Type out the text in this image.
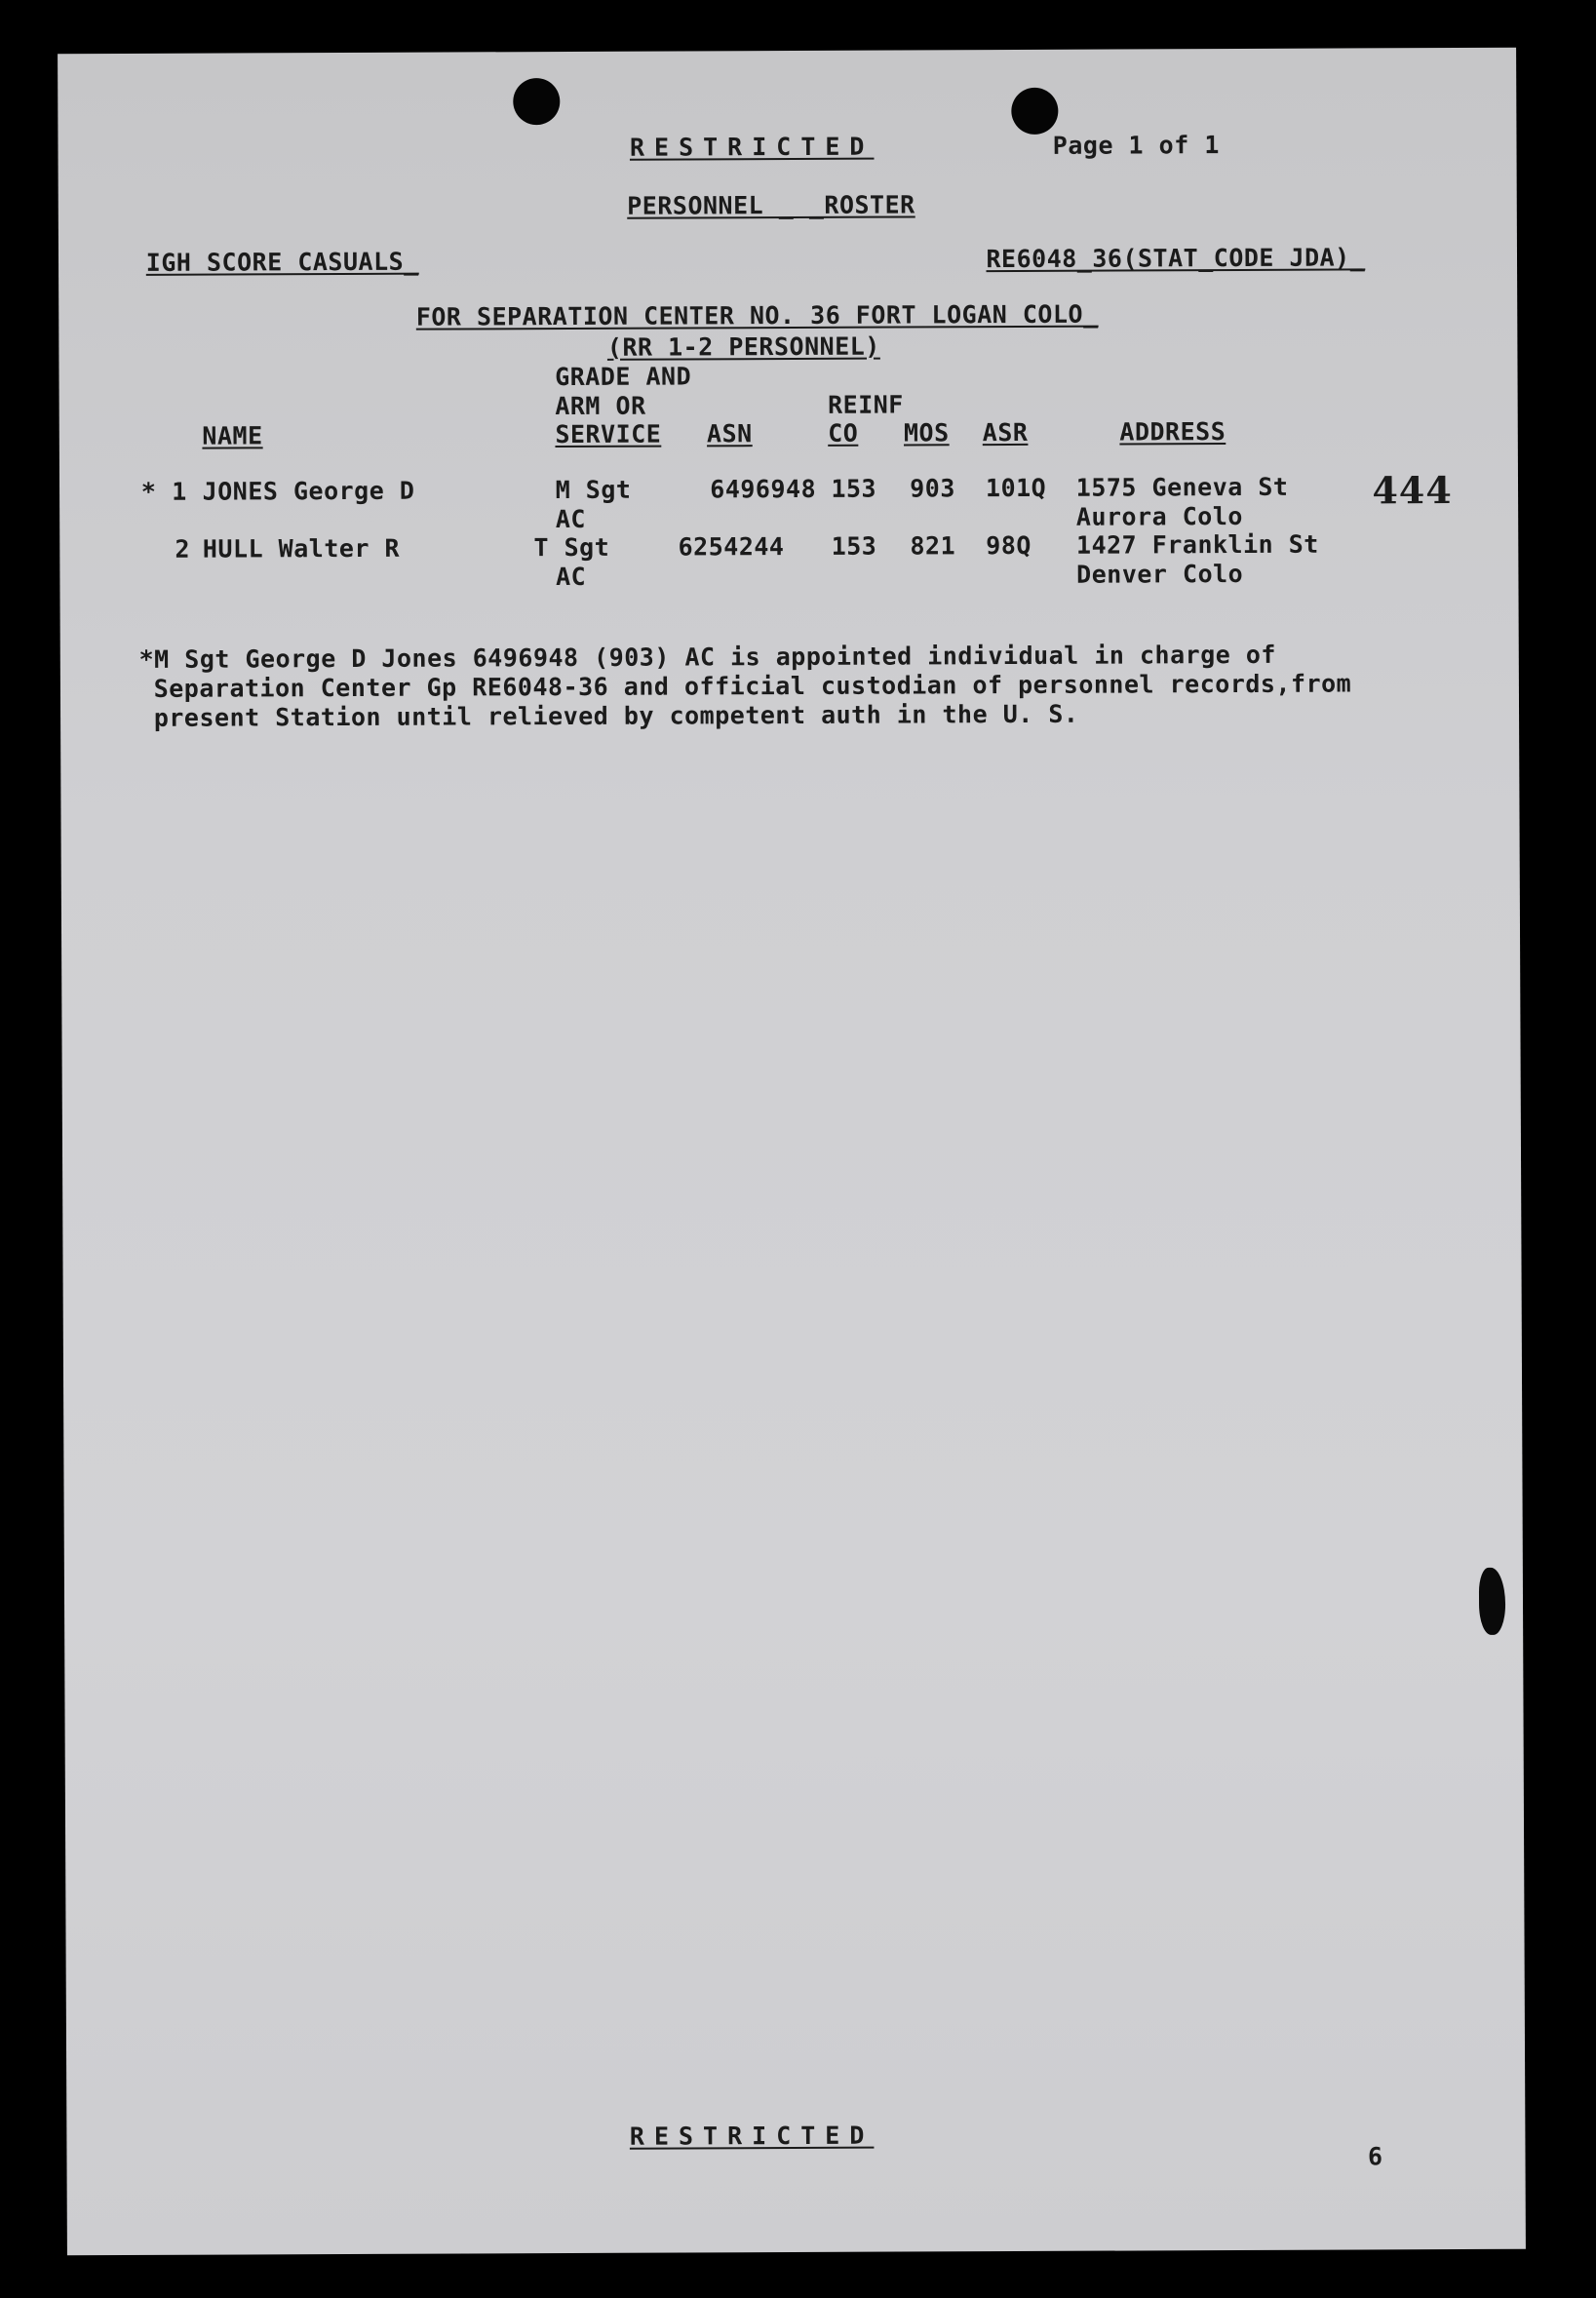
RESTRICTED	Page 1 of 1
PERSONNEL _ _ROSTER
IGH SCORE CASUALS_	RE6048_36(STAT_CODE JDA)_
FOR SEPARATION CENTER NO. 36 FORT LOGAN COLO_
(RR 1-2 PERSONNEL)
GRADE AND
ARM OR	REINF
NAME	SERVICE ASN	CO MOS ASR	ADDRESS
* 1 JONES George D	M Sgt	6496948 153 903 101Q 1575 Geneva St
AC	Aurora Colo
444
2 HULL Walter R	T Sgt	6254244 153 821 98Q 1427 Franklin St
AC	Denver Colo
*M Sgt George D Jones 6496948 (903) AC is appointed individual in charge of
Separation Center Gp RE6048-36 and official custodian of personnel records,from
present Station until relieved by competent auth in the U. S.
RESTRICTED
6
